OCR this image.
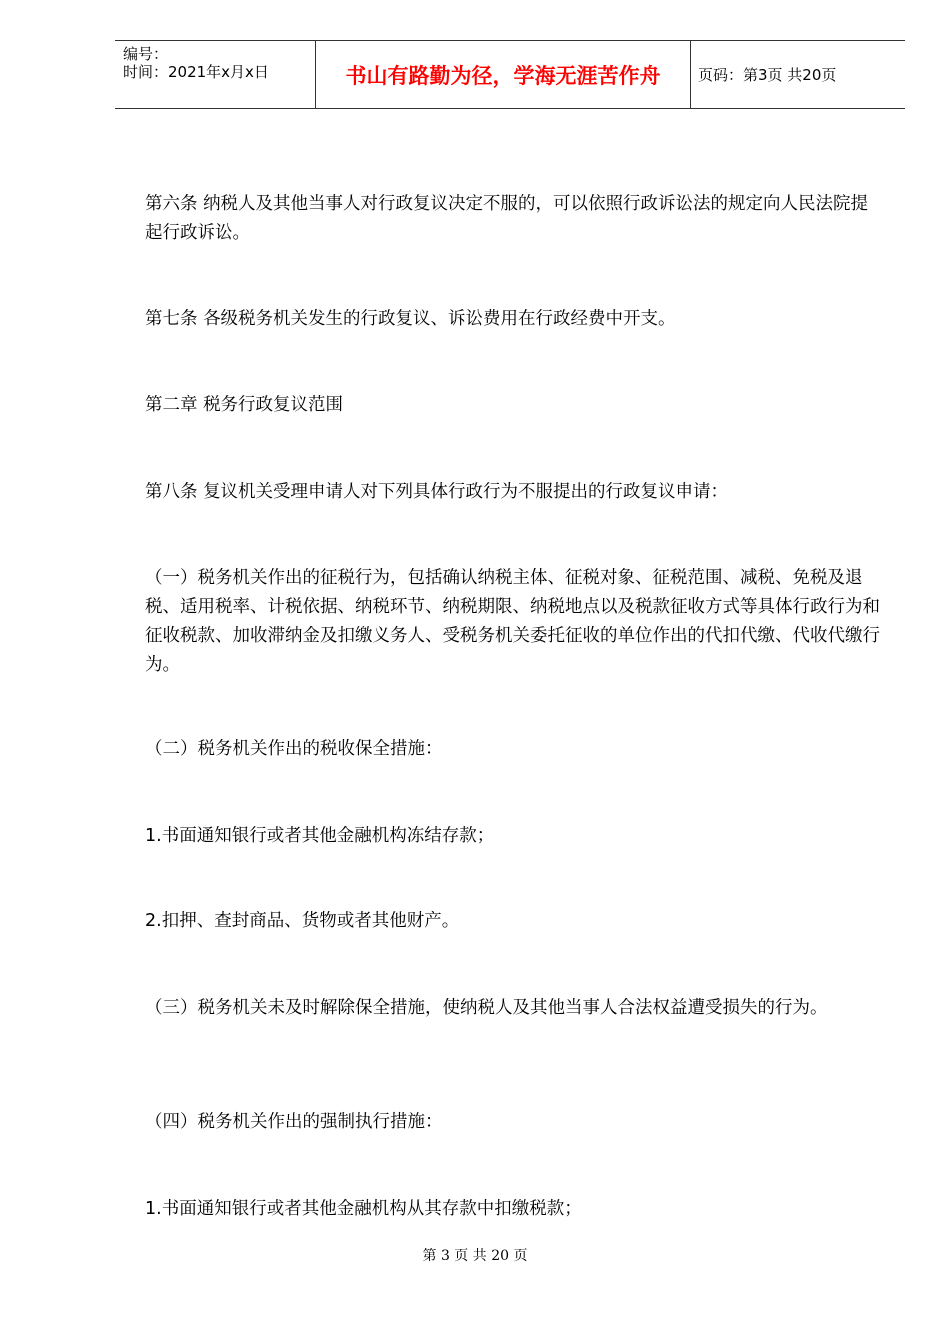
编号：
时间：2021年x月x日	书山有路勤为径，学海无涯苦作舟	页码：第3页 共20页

第六条 纳税人及其他当事人对行政复议决定不服的，可以依照行政诉讼法的规定向人民法院提起行政诉讼。

第七条 各级税务机关发生的行政复议、诉讼费用在行政经费中开支。

第二章 税务行政复议范围

第八条 复议机关受理申请人对下列具体行政行为不服提出的行政复议申请：

（一）税务机关作出的征税行为，包括确认纳税主体、征税对象、征税范围、减税、免税及退税、适用税率、计税依据、纳税环节、纳税期限、纳税地点以及税款征收方式等具体行政行为和征收税款、加收滞纳金及扣缴义务人、受税务机关委托征收的单位作出的代扣代缴、代收代缴行为。

（二）税务机关作出的税收保全措施：

1.书面通知银行或者其他金融机构冻结存款；

2.扣押、查封商品、货物或者其他财产。

（三）税务机关未及时解除保全措施，使纳税人及其他当事人合法权益遭受损失的行为。

（四）税务机关作出的强制执行措施：

1.书面通知银行或者其他金融机构从其存款中扣缴税款；

第 3 页 共 20 页
